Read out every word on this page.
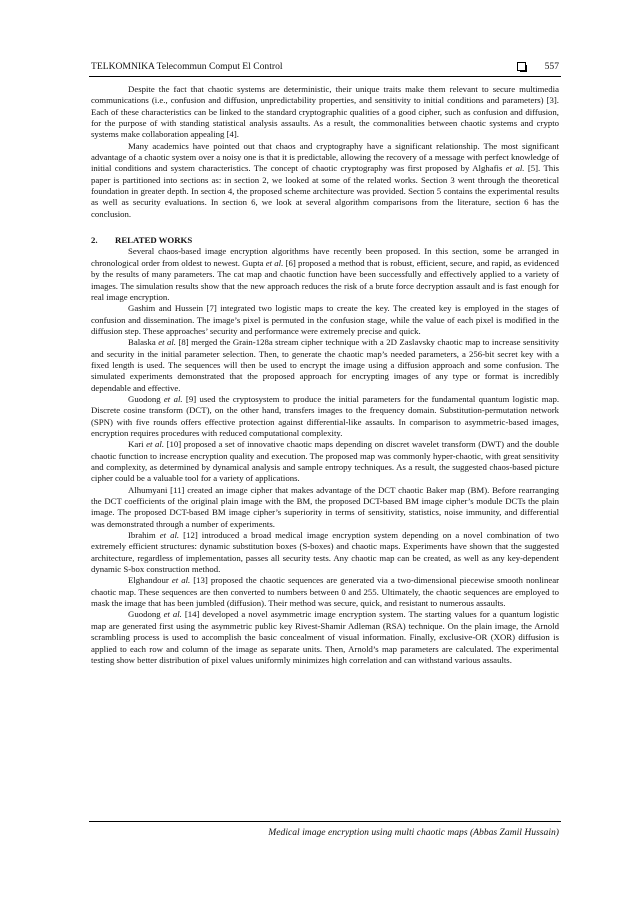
TELKOMNIKA Telecommun Comput El Control	557

Despite the fact that chaotic systems are deterministic, their unique traits make them relevant to secure multimedia communications (i.e., confusion and diffusion, unpredictability properties, and sensitivity to initial conditions and parameters) [3]. Each of these characteristics can be linked to the standard cryptographic qualities of a good cipher, such as confusion and diffusion, for the purpose of with standing statistical analysis assaults. As a result, the commonalities between chaotic systems and crypto systems make collaboration appealing [4].

Many academics have pointed out that chaos and cryptography have a significant relationship. The most significant advantage of a chaotic system over a noisy one is that it is predictable, allowing the recovery of a message with perfect knowledge of initial conditions and system characteristics. The concept of chaotic cryptography was first proposed by Alghafis et al. [5]. This paper is partitioned into sections as: in section 2, we looked at some of the related works. Section 3 went through the theoretical foundation in greater depth. In section 4, the proposed scheme architecture was provided. Section 5 contains the experimental results as well as security evaluations. In section 6, we look at several algorithm comparisons from the literature, section 6 has the conclusion.

2. RELATED WORKS

Several chaos-based image encryption algorithms have recently been proposed. In this section, some be arranged in chronological order from oldest to newest. Gupta et al. [6] proposed a method that is robust, efficient, secure, and rapid, as evidenced by the results of many parameters. The cat map and chaotic function have been successfully and effectively applied to a variety of images. The simulation results show that the new approach reduces the risk of a brute force decryption assault and is fast enough for real image encryption.

Gashim and Hussein [7] integrated two logistic maps to create the key. The created key is employed in the stages of confusion and dissemination. The image’s pixel is permuted in the confusion stage, while the value of each pixel is modified in the diffusion step. These approaches’ security and performance were extremely precise and quick.

Balaska et al. [8] merged the Grain-128a stream cipher technique with a 2D Zaslavsky chaotic map to increase sensitivity and security in the initial parameter selection. Then, to generate the chaotic map’s needed parameters, a 256-bit secret key with a fixed length is used. The sequences will then be used to encrypt the image using a diffusion approach and some confusion. The simulated experiments demonstrated that the proposed approach for encrypting images of any type or format is incredibly dependable and effective.

Guodong et al. [9] used the cryptosystem to produce the initial parameters for the fundamental quantum logistic map. Discrete cosine transform (DCT), on the other hand, transfers images to the frequency domain. Substitution-permutation network (SPN) with five rounds offers effective protection against differential-like assaults. In comparison to asymmetric-based images, encryption requires procedures with reduced computational complexity.

Kari et al. [10] proposed a set of innovative chaotic maps depending on discret wavelet transform (DWT) and the double chaotic function to increase encryption quality and execution. The proposed map was commonly hyper-chaotic, with great sensitivity and complexity, as determined by dynamical analysis and sample entropy techniques. As a result, the suggested chaos-based picture cipher could be a valuable tool for a variety of applications.

Alhumyani [11] created an image cipher that makes advantage of the DCT chaotic Baker map (BM). Before rearranging the DCT coefficients of the original plain image with the BM, the proposed DCT-based BM image cipher’s module DCTs the plain image. The proposed DCT-based BM image cipher’s superiority in terms of sensitivity, statistics, noise immunity, and differential was demonstrated through a number of experiments.

Ibrahim et al. [12] introduced a broad medical image encryption system depending on a novel combination of two extremely efficient structures: dynamic substitution boxes (S-boxes) and chaotic maps. Experiments have shown that the suggested architecture, regardless of implementation, passes all security tests. Any chaotic map can be created, as well as any key-dependent dynamic S-box construction method.

Elghandour et al. [13] proposed the chaotic sequences are generated via a two-dimensional piecewise smooth nonlinear chaotic map. These sequences are then converted to numbers between 0 and 255. Ultimately, the chaotic sequences are employed to mask the image that has been jumbled (diffusion). Their method was secure, quick, and resistant to numerous assaults.

Guodong et al. [14] developed a novel asymmetric image encryption system. The starting values for a quantum logistic map are generated first using the asymmetric public key Rivest-Shamir Adleman (RSA) technique. On the plain image, the Arnold scrambling process is used to accomplish the basic concealment of visual information. Finally, exclusive-OR (XOR) diffusion is applied to each row and column of the image as separate units. Then, Arnold’s map parameters are calculated. The experimental testing show better distribution of pixel values uniformly minimizes high correlation and can withstand various assaults.

Medical image encryption using multi chaotic maps (Abbas Zamil Hussain)
